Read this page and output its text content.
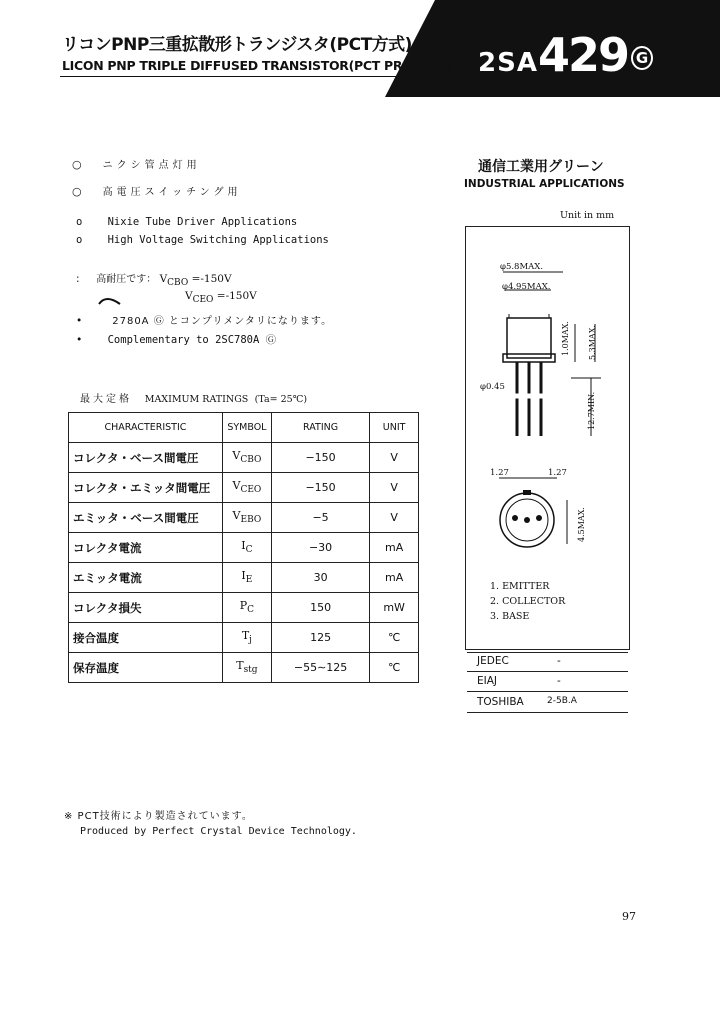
リコンPNP三重拡散形トランジスタ(PCT方式)
LICON PNP TRIPLE DIFFUSED TRANSISTOR(PCT PROCESS) 2SA429 G
○      ニクシ管点灯用
○      高電圧スイッチング用
o    Nixie Tube Driver Applications
o    High Voltage Switching Applications
:     高耐圧です： $V_{CBO} =-150V$
$V_{CEO} =-150V$
•         2780A Ⓖ とコンプリメンタリになります。
•    Complementary to 2SC780A Ⓖ
最大定格 MAXIMUM RATINGS (Ta= 25℃)
CHARACTERISTIC	SYMBOL	RATING	UNIT
コレクタ・ベース間電圧	$V_{CBO}$	−150	V
コレクタ・エミッタ間電圧	$V_{CEO}$	−150	V
エミッタ・ベース間電圧	$V_{EBO}$	−5	V
コレクタ電流	$I_C$	−30	mA
エミッタ電流	$I_E$	30	mA
コレクタ損失	$P_C$	150	mW
接合温度	$T_j$	125	℃
保存温度	$T_{stg}$	−55∼125	℃
通信工業用グリーン
INDUSTRIAL APPLICATIONS
Unit in mm
φ5.8MAX.
φ4.95MAX.
1.0MAX. 5.3MAX.
φ0.45
12.7MIN.
1.27	1.27
4.5MAX.
1. EMITTER
2. COLLECTOR
3. BASE
JEDEC	-
EIAJ	-
TOSHIBA	2-5B.A
※ PCT技術により製造されています。
Produced by Perfect Crystal Device Technology.
97
